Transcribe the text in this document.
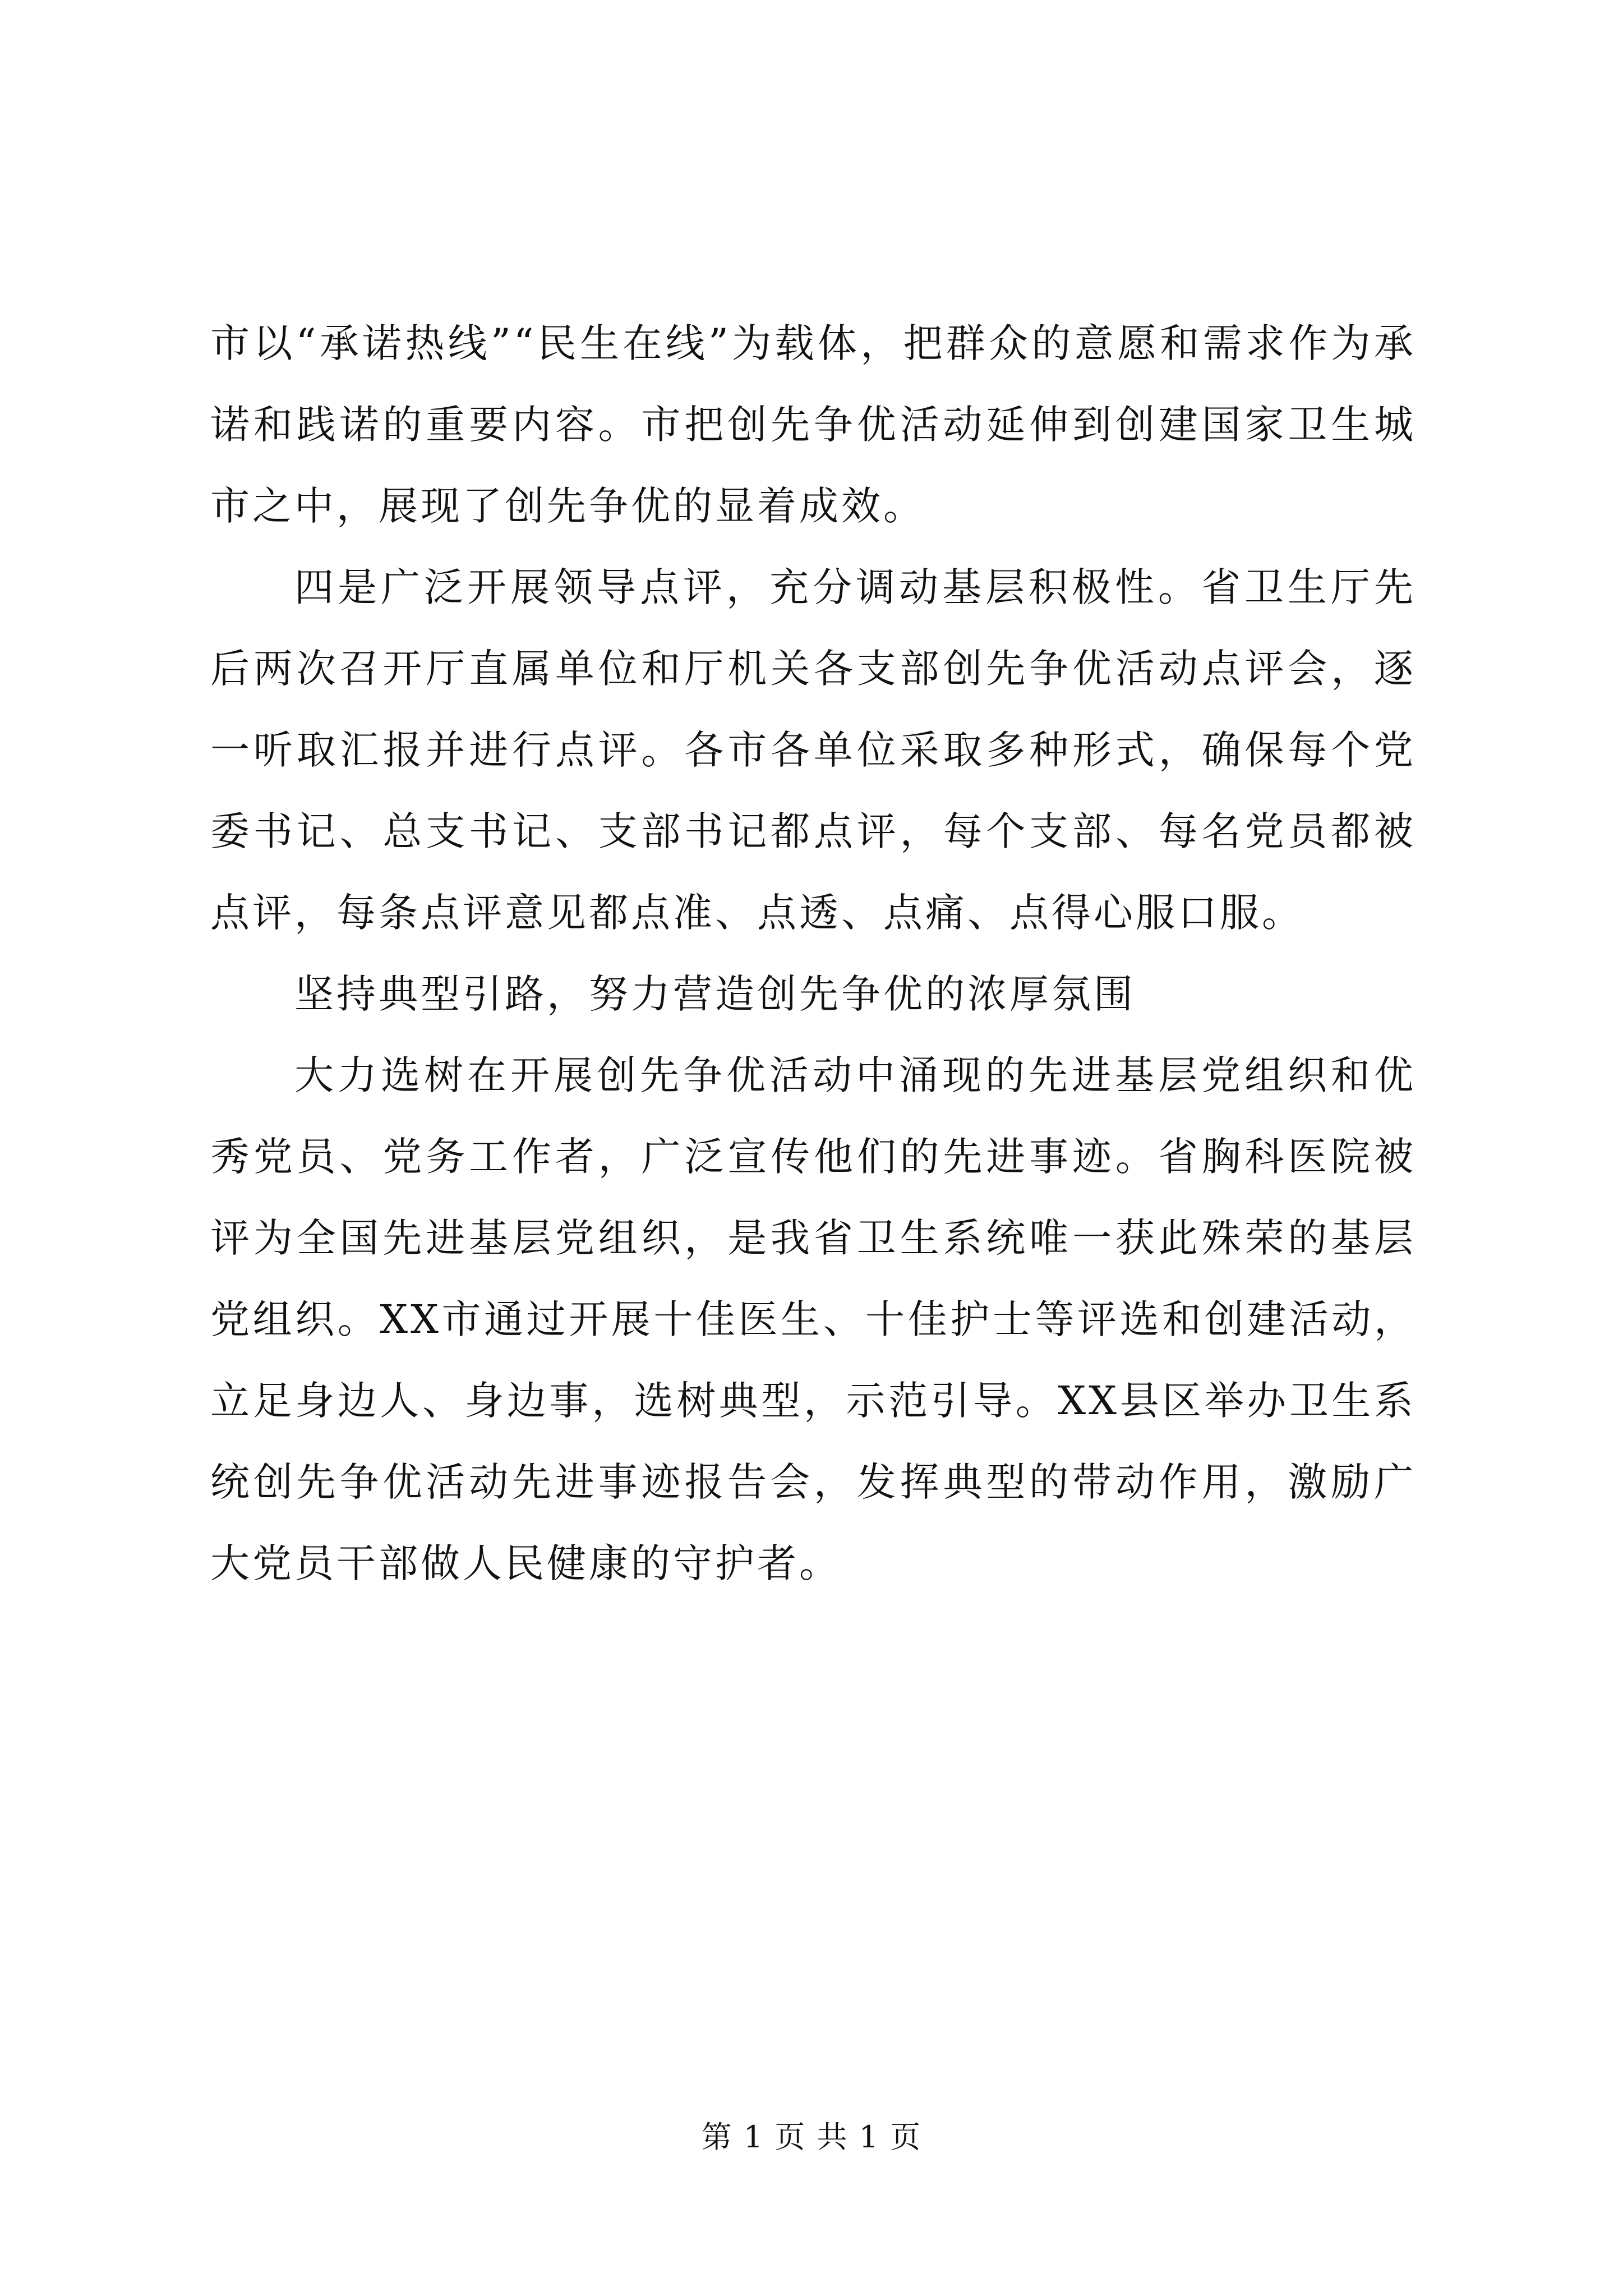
市以“承诺热线”“民生在线”为载体，把群众的意愿和需求作为承诺和践诺的重要内容。市把创先争优活动延伸到创建国家卫生城市之中，展现了创先争优的显着成效。

四是广泛开展领导点评，充分调动基层积极性。省卫生厅先后两次召开厅直属单位和厅机关各支部创先争优活动点评会，逐一听取汇报并进行点评。各市各单位采取多种形式，确保每个党委书记、总支书记、支部书记都点评，每个支部、每名党员都被点评，每条点评意见都点准、点透、点痛、点得心服口服。

坚持典型引路，努力营造创先争优的浓厚氛围

大力选树在开展创先争优活动中涌现的先进基层党组织和优秀党员、党务工作者，广泛宣传他们的先进事迹。省胸科医院被评为全国先进基层党组织，是我省卫生系统唯一获此殊荣的基层党组织。XX市通过开展十佳医生、十佳护士等评选和创建活动，立足身边人、身边事，选树典型，示范引导。XX县区举办卫生系统创先争优活动先进事迹报告会，发挥典型的带动作用，激励广大党员干部做人民健康的守护者。

第 1 页 共 1 页
